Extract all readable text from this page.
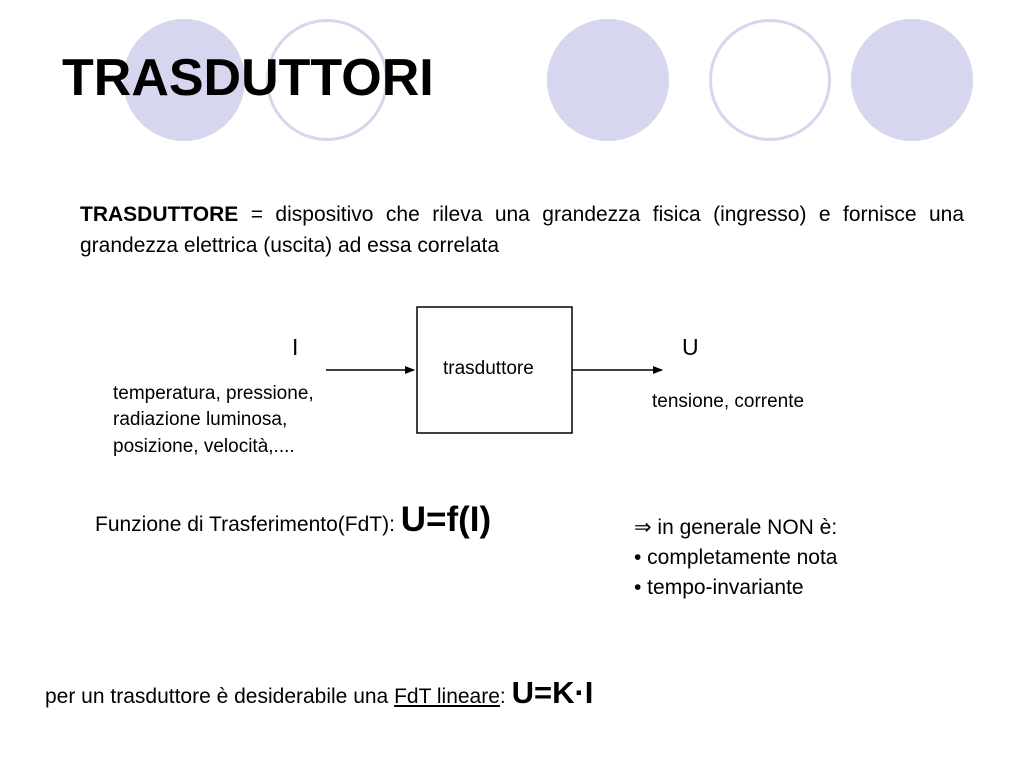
TRASDUTTORI

TRASDUTTORE = dispositivo che rileva una grandezza fisica (ingresso) e fornisce una grandezza elettrica (uscita) ad essa correlata

trasduttore
I	U
temperatura, pressione,
radiazione luminosa,
posizione, velocità,....
tensione, corrente
Funzione di Trasferimento(FdT): U=f(I)	⇒ in generale NON è:
• completamente nota
• tempo-invariante
per un trasduttore è desiderabile una FdT lineare: U=K·I
